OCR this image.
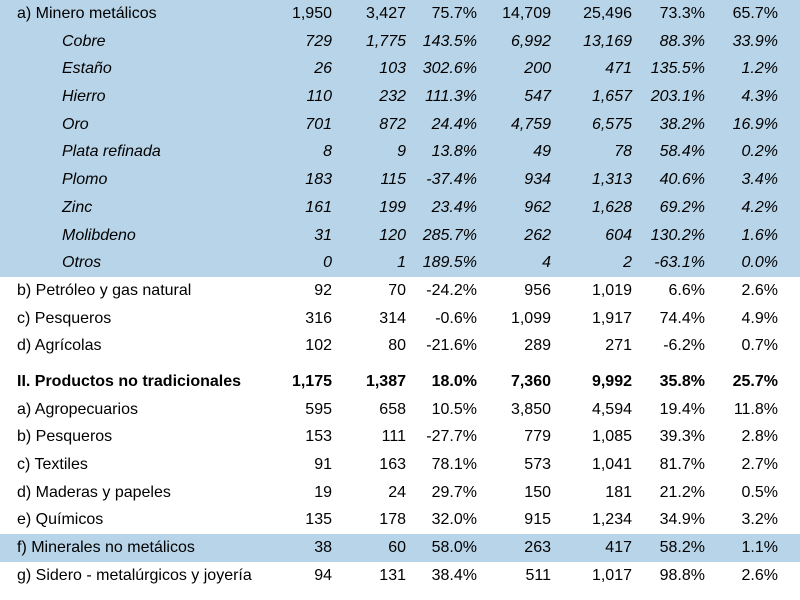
a) Minero metálicos	1,950 3,427 75.7% 14,709 25,496 73.3% 65.7%
Cobre	729 1,775 143.5% 6,992 13,169 88.3% 33.9%
Estaño	26	103 302.6%	200	471 135.5% 1.2%
Hierro	110	232 111.3%	547	1,657 203.1% 4.3%
Oro	701	872 24.4% 4,759	6,575 38.2% 16.9%
Plata refinada	8	9 13.8%	49	78 58.4% 0.2%
Plomo	183	115 -37.4%	934	1,313 40.6% 3.4%
Zinc	161	199 23.4%	962	1,628 69.2% 4.2%
Molibdeno	31	120 285.7%	262	604 130.2% 1.6%
Otros	0	1 189.5%	4	2 -63.1% 0.0%
b) Petróleo y gas natural	92	70 -24.2%	956	1,019 6.6% 2.6%
c) Pesqueros	316	314 -0.6% 1,099	1,917 74.4% 4.9%
d) Agrícolas	102	80 -21.6%	289	271 -6.2% 0.7%
II. Productos no tradicionales	1,175 1,387 18.0% 7,360	9,992 35.8% 25.7%
a) Agropecuarios	595	658 10.5% 3,850	4,594 19.4% 11.8%
b) Pesqueros	153	111 -27.7%	779	1,085 39.3% 2.8%
c) Textiles	91	163 78.1%	573	1,041 81.7% 2.7%
d) Maderas y papeles	19	24 29.7%	150	181 21.2% 0.5%
e) Químicos	135	178 32.0%	915	1,234 34.9% 3.2%
f) Minerales no metálicos	38	60 58.0%	263	417 58.2% 1.1%
g) Sidero - metalúrgicos y joyería	94	131 38.4%	511	1,017 98.8% 2.6%
